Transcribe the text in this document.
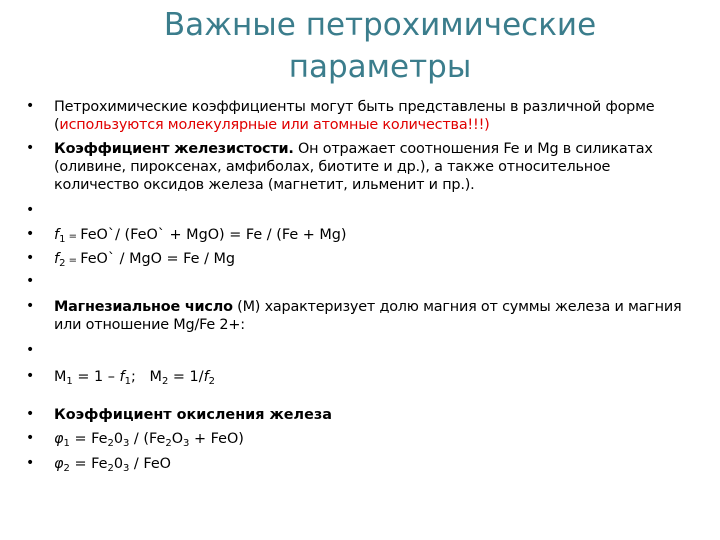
Важные петрохимические
параметры
• Петрохимические коэффициенты могут быть представлены в различной форме (используются молекулярные или атомные количества!!!)
• Коэффициент железистости. Он отражает соотношения Fe и Mg в силикатах (оливине, пироксенах, амфиболах, биотите и др.), а также относительное количество оксидов железа (магнетит, ильменит и пр.).
•
• $f_1$ = FeO`/ (FeO` + MgO) = Fe / (Fe + Mg)
• $f_2$ = FeO` / MgO = Fe / Mg
•
• Магнезиальное число (M) характеризует долю магния от суммы железа и магния или отношение Mg/Fe 2+:
•
• $M_1 = 1 - f_1$;   $M_2 = 1/f_2$
• Коэффициент окисления железа
• $\varphi_1 = Fe_20_3 / (Fe_2O_3 + FeO)$
• $\varphi_2 = Fe_20_3$ / FeO
